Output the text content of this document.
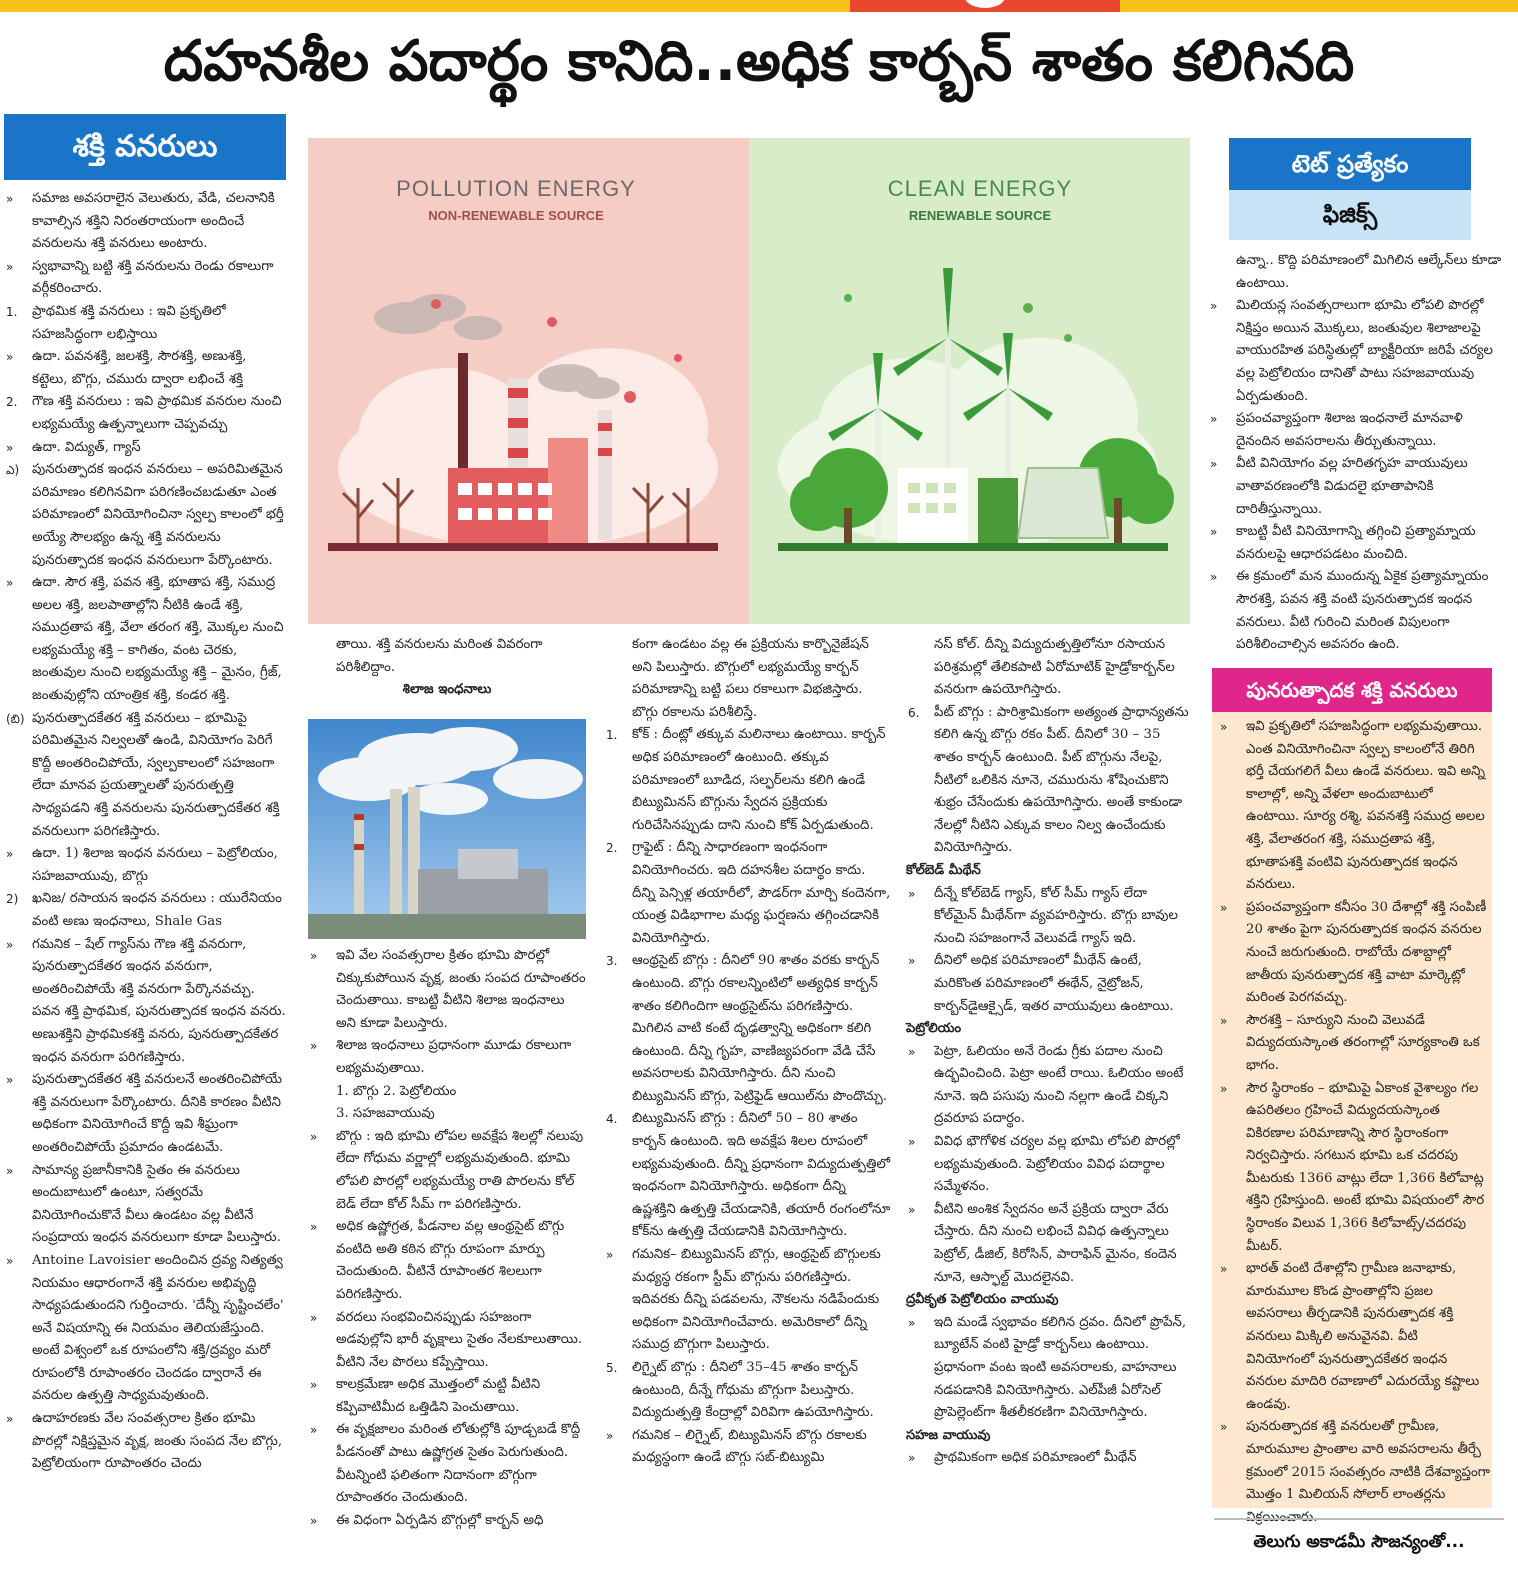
దహనశీల పదార్థం కానిది..అధిక కార్బన్ శాతం కలిగినది
శక్తి వనరులు

» సమాజ అవసరాలైన వెలుతురు, వేడి, చలనానికి కావాల్సిన శక్తిని నిరంతరాయంగా అందించే వనరులను శక్తి వనరులు అంటారు.

» స్వభావాన్ని బట్టి శక్తి వనరులను రెండు రకాలుగా వర్గీకరించారు.

1. ప్రాథమిక శక్తి వనరులు : ఇవి ప్రకృతిలో సహజసిద్ధంగా లభిస్తాయి

» ఉదా. పవనశక్తి, జలశక్తి, సౌరశక్తి, అణుశక్తి, కట్టెలు, బొగ్గు, చమురు ద్వారా లభించే శక్తి

2. గౌణ శక్తి వనరులు : ఇవి ప్రాథమిక వనరుల నుంచి లభ్యమయ్యే ఉత్పన్నాలుగా చెప్పవచ్చు

» ఉదా. విద్యుత్, గ్యాస్

ఎ) పునరుత్పాదక ఇంధన వనరులు – అపరిమితమైన పరిమాణం కలిగినవిగా పరిగణించబడుతూ ఎంత పరిమాణంలో వినియోగించినా స్వల్ప కాలంలో భర్తీ అయ్యే సౌలభ్యం ఉన్న శక్తి వనరులను పునరుత్పాదక ఇంధన వనరులుగా పేర్కొంటారు.

» ఉదా. సౌర శక్తి, పవన శక్తి, భూతాప శక్తి, సముద్ర అలల శక్తి, జలపాతాల్లోని నీటికి ఉండే శక్తి, సముద్రతాప శక్తి, వేలా తరంగ శక్తి, మొక్కల నుంచి లభ్యమయ్యే శక్తి – కాగితం, వంట చెరకు, జంతువుల నుంచి లభ్యమయ్యే శక్తి – మైనం, గ్రీజ్, జంతువుల్లోని యాంత్రిక శక్తి, కండర శక్తి.

(బి) పునరుత్పాదకేతర శక్తి వనరులు – భూమిపై పరిమితమైన నిల్వలతో ఉండి, వినియోగం పెరిగే కొద్దీ అంతరించిపోయే, స్వల్పకాలంలో సహజంగా లేదా మానవ ప్రయత్నాలతో పునరుత్పత్తి సాధ్యపడని శక్తి వనరులను పునరుత్పాదకేతర శక్తి వనరులుగా పరిగణిస్తారు.

» ఉదా. 1) శిలాజ ఇంధన వనరులు – పెట్రోలియం, సహజవాయువు, బొగ్గు

2) ఖనిజ/ రసాయన ఇంధన వనరులు : యురేనియం వంటి అణు ఇంధనాలు, Shale Gas

» గమనిక – షేల్ గ్యాస్‌ను గౌణ శక్తి వనరుగా, పునరుత్పాదకేతర ఇంధన వనరుగా, అంతరించిపోయే శక్తి వనరుగా పేర్కొనవచ్చు. పవన శక్తి ప్రాథమిక, పునరుత్పాదక ఇంధన వనరు. అణుశక్తిని ప్రాథమికశక్తి వనరు, పునరుత్పాదకేతర ఇంధన వనరుగా పరిగణిస్తారు.

» పునరుత్పాదకేతర శక్తి వనరులనే అంతరించిపోయే శక్తి వనరులుగా పేర్కొంటారు. దీనికి కారణం వీటిని అధికంగా వినియోగించే కొద్దీ ఇవి శీఘ్రంగా అంతరించిపోయే ప్రమాదం ఉండటమే.

» సామాన్య ప్రజానీకానికి సైతం ఈ వనరులు అందుబాటులో ఉంటూ, సత్వరమే వినియోగించుకొనే వీలు ఉండటం వల్ల వీటినే సంప్రదాయ ఇంధన వనరులుగా కూడా పిలుస్తారు.

» Antoine Lavoisier అందించిన ద్రవ్య నిత్యత్వ నియమం ఆధారంగానే శక్తి వనరుల అభివృద్ధి సాధ్యపడుతుందని గుర్తించారు. 'దేన్నీ సృష్టించలేం' అనే విషయాన్ని ఈ నియమం తెలియజేస్తుంది. అంటే విశ్వంలో ఒక రూపంలోని శక్తి/ద్రవ్యం మరో రూపంలోకి రూపాంతరం చెందడం ద్వారానే ఈ వనరుల ఉత్పత్తి సాధ్యమవుతుంది.

» ఉదాహరణకు వేల సంవత్సరాల క్రితం భూమి పొరల్లో నిక్షిప్తమైన వృక్ష, జంతు సంపద నేల బొగ్గు, పెట్రోలియంగా రూపాంతరం చెందు

POLLUTION ENERGY
NON-RENEWABLE SOURCE
CLEAN ENERGY
RENEWABLE SOURCE

తాయి. శక్తి వనరులను మరింత వివరంగా పరిశీలిద్దాం.

శిలాజ ఇంధనాలు

» ఇవి వేల సంవత్సరాల క్రితం భూమి పొరల్లో చిక్కుకుపోయిన వృక్ష, జంతు సంపద రూపాంతరం చెందుతాయి. కాబట్టి వీటిని శిలాజ ఇంధనాలు అని కూడా పిలుస్తారు.

» శిలాజ ఇంధనాలు ప్రధానంగా మూడు రకాలుగా లభ్యమవుతాయి.

1. బొగ్గు 2. పెట్రోలియం

3. సహజవాయువు

» బొగ్గు : ఇది భూమి లోపల అవక్షేప శిలల్లో నలుపు లేదా గోధుమ వర్ణాల్లో లభ్యమవుతుంది. భూమి లోపలి పొరల్లో లభ్యమయ్యే రాతి పొరలను కోల్ బెడ్ లేదా కోల్ సీమ్ గా పరిగణిస్తారు.

» అధిక ఉష్ణోగ్రత, పీడనాల వల్ల ఆంథ్రసైట్ బొగ్గు వంటిది అతి కఠిన బొగ్గు రూపంగా మార్పు చెందుతుంది. వీటినే రూపాంతర శిలలుగా పరిగణిస్తారు.

» వరదలు సంభవించినప్పుడు సహజంగా అడవుల్లోని భారీ వృక్షాలు సైతం నేలకూలుతాయి. వీటిని నేల పొరలు కప్పేస్తాయి.

» కాలక్రమేణా అధిక మొత్తంలో మట్టి వీటిని కప్పివాటిమీద ఒత్తిడిని పెంచుతాయి.

» ఈ వృక్షజాలం మరింత లోతుల్లోకి పూడ్చబడే కొద్దీ పీడనంతో పాటు ఉష్ణోగ్రత సైతం పెరుగుతుంది. వీటన్నింటి ఫలితంగా నిదానంగా బొగ్గుగా రూపాంతరం చెందుతుంది.

» ఈ విధంగా ఏర్పడిన బొగ్గుల్లో కార్బన్ అధి

కంగా ఉండటం వల్ల ఈ ప్రక్రియను కార్బొనైజేషన్ అని పిలుస్తారు. బొగ్గులో లభ్యమయ్యే కార్బన్ పరిమాణాన్ని బట్టి పలు రకాలుగా విభజిస్తారు. బొగ్గు రకాలను పరిశీలిస్తే.

1. కోక్ : దీంట్లో తక్కువ మలినాలు ఉంటాయి. కార్బన్ అధిక పరిమాణంలో ఉంటుంది. తక్కువ పరిమాణంలో బూడిద, సల్ఫర్‌లను కలిగి ఉండే బిట్యుమినస్ బొగ్గును స్వేదన ప్రక్రియకు గురిచేసినప్పుడు దాని నుంచి కోక్ ఏర్పడుతుంది.

2. గ్రాఫైట్ : దీన్ని సాధారణంగా ఇంధనంగా వినియోగించరు. ఇది దహనశీల పదార్థం కాదు. దీన్ని పెన్సిళ్ల తయారీలో, పౌడర్‌గా మార్చి కందెనగా, యంత్ర విడిభాగాల మధ్య ఘర్షణను తగ్గించడానికి వినియోగిస్తారు.

3. ఆంథ్రసైట్ బొగ్గు : దీనిలో 90 శాతం వరకు కార్బన్ ఉంటుంది. బొగ్గు రకాలన్నింటిలో అత్యధిక కార్బన్ శాతం కలిగిందిగా ఆంథ్రసైట్‌ను పరిగణిస్తారు. మిగిలిన వాటి కంటే దృఢత్వాన్ని అధికంగా కలిగి ఉంటుంది. దీన్ని గృహ, వాణిజ్యపరంగా వేడి చేసే అవసరాలకు వినియోగిస్తారు. దీని నుంచి బిట్యుమినస్ బొగ్గు, పెట్రిఫైడ్ ఆయిల్‌ను పొందొచ్చు.

4. బిట్యుమినస్ బొగ్గు : దీనిలో 50 – 80 శాతం కార్బన్ ఉంటుంది. ఇది అవక్షేప శిలల రూపంలో లభ్యమవుతుంది. దీన్ని ప్రధానంగా విద్యుదుత్పత్తిలో ఇంధనంగా వినియోగిస్తారు. అధికంగా దీన్ని ఉష్ణశక్తిని ఉత్పత్తి చేయడానికి, తయారీ రంగంలోనూ కోక్‌ను ఉత్పత్తి చేయడానికి వినియోగిస్తారు.

» గమనిక– బిట్యుమినస్ బొగ్గు, ఆంథ్రసైట్ బొగ్గులకు మధ్యస్థ రకంగా స్టీమ్ బొగ్గును పరిగణిస్తారు. ఇదివరకు దీన్ని పడవలను, నౌకలను నడిపేందుకు అధికంగా వినియోగించేవారు. అమెరికాలో దీన్ని సముద్ర బొగ్గుగా పిలుస్తారు.

5. లిగ్నైట్ బొగ్గు : దీనిలో 35–45 శాతం కార్బన్ ఉంటుంది, దీన్నే గోధుమ బొగ్గుగా పిలుస్తారు. విద్యుదుత్పత్తి కేంద్రాల్లో విరివిగా ఉపయోగిస్తారు.

» గమనిక – లిగ్నైట్, బిట్యుమినస్ బొగ్గు రకాలకు మధ్యస్థంగా ఉండే బొగ్గు సబ్-బిట్యుమి

నస్ కోల్. దీన్ని విద్యుదుత్పత్తిలోనూ రసాయన పరిశ్రమల్లో తేలికపాటి ఏరోమాటిక్ హైడ్రోకార్బన్‌ల వనరుగా ఉపయోగిస్తారు.

6. పీట్ బొగ్గు : పారిశ్రామికంగా అత్యంత ప్రాధాన్యతను కలిగి ఉన్న బొగ్గు రకం పీట్. దీనిలో 30 – 35 శాతం కార్బన్ ఉంటుంది. పీట్ బొగ్గును నేలపై, నీటిలో ఒలికిన నూనె, చమురును శోషించుకొని శుభ్రం చేసేందుకు ఉపయోగిస్తారు. అంతే కాకుండా నేలల్లో నీటిని ఎక్కువ కాలం నిల్వ ఉంచేందుకు వినియోగిస్తారు.

కోల్‌బెడ్ మీథేన్

» దీన్నే కోల్‌బెడ్ గ్యాస్, కోల్ సీమ్ గ్యాస్ లేదా కోల్‌మైన్ మీథేన్‌గా వ్యవహరిస్తారు. బొగ్గు బావుల నుంచి సహజంగానే వెలువడే గ్యాస్ ఇది.

» దీనిలో అధిక పరిమాణంలో మీథేన్ ఉంటే, మరికొంత పరిమాణంలో ఈథేన్, నైట్రోజన్, కార్బన్‌డైఆక్సైడ్, ఇతర వాయువులు ఉంటాయి.

పెట్రోలియం

» పెట్రా, ఓలియం అనే రెండు గ్రీకు పదాల నుంచి ఉద్భవించింది. పెట్రా అంటే రాయి. ఓలియం అంటే నూనె. ఇది పసుపు నుంచి నల్లగా ఉండే చిక్కని ద్రవరూప పదార్థం.

» వివిధ భౌగోళిక చర్యల వల్ల భూమి లోపలి పొరల్లో లభ్యమవుతుంది. పెట్రోలియం వివిధ పదార్థాల సమ్మేళనం.

» వీటిని అంశిక స్వేదనం అనే ప్రక్రియ ద్వారా వేరు చేస్తారు. దీని నుంచి లభించే వివిధ ఉత్పన్నాలు పెట్రోల్, డీజిల్, కిరోసిన్, పారాఫిన్ మైనం, కందెన నూనె, ఆస్ఫాల్ట్ మొదలైనవి.

ద్రవీకృత పెట్రోలియం వాయువు

» ఇది మండే స్వభావం కలిగిన ద్రవం. దీనిలో ప్రొపేన్, బ్యూటేన్ వంటి హైడ్రో కార్బన్‌లు ఉంటాయి. ప్రధానంగా వంట ఇంటి అవసరాలకు, వాహనాలు నడపడానికి వినియోగిస్తారు. ఎల్‌పీజీ ఏరోసెల్ ప్రొపెల్లెంట్‌గా శీతలీకరణిగా వినియోగిస్తారు.

సహజ వాయువు

» ప్రాథమికంగా అధిక పరిమాణంలో మీథేన్

టెట్ ప్రత్యేకం
ఫిజిక్స్

ఉన్నా.. కొద్ది పరిమాణంలో మిగిలిన ఆల్కేన్‌లు కూడా ఉంటాయి.

» మిలియన్ల సంవత్సరాలుగా భూమి లోపలి పొరల్లో నిక్షిప్తం అయిన మొక్కలు, జంతువుల శిలాజాలపై వాయురహిత పరిస్థితుల్లో బ్యాక్టీరియా జరిపే చర్యల వల్ల పెట్రోలియం దానితో పాటు సహజవాయువు ఏర్పడుతుంది.

» ప్రపంచవ్యాప్తంగా శిలాజ ఇంధనాలే మానవాళి దైనందిన అవసరాలను తీర్చుతున్నాయి.

» వీటి వినియోగం వల్ల హరితగృహ వాయువులు వాతావరణంలోకి విడుదలై భూతాపానికి దారితీస్తున్నాయి.

» కాబట్టి వీటి వినియోగాన్ని తగ్గించి ప్రత్యామ్నాయ వనరులపై ఆధారపడటం మంచిది.

» ఈ క్రమంలో మన ముందున్న ఏకైక ప్రత్యామ్నాయం సౌరశక్తి, పవన శక్తి వంటి పునరుత్పాదక ఇంధన వనరులు. వీటి గురించి మరింత విపులంగా పరిశీలించాల్సిన అవసరం ఉంది.

పునరుత్పాదక శక్తి వనరులు

» ఇవి ప్రకృతిలో సహజసిద్ధంగా లభ్యమవుతాయి. ఎంత వినియోగించినా స్వల్ప కాలంలోనే తిరిగి భర్తీ చేయగలిగే వీలు ఉండే వనరులు. ఇవి అన్ని కాలాల్లో, అన్ని వేళలా అందుబాటులో ఉంటాయి. సూర్య రశ్మి, పవనశక్తి సముద్ర అలల శక్తి, వేలాతరంగ శక్తి, సముద్రతాప శక్తి, భూతాపశక్తి వంటివి పునరుత్పాదక ఇంధన వనరులు.

» ప్రపంచవ్యాప్తంగా కనీసం 30 దేశాల్లో శక్తి సంపిణీ 20 శాతం పైగా పునరుత్పాదక ఇంధన వనరుల నుంచే జరుగుతుంది. రాబోయే దశాబ్దాల్లో జాతీయ పునరుత్పాదక శక్తి వాటా మార్కెట్లో మరింత పెరగవచ్చు.

» సౌరశక్తి – సూర్యుని నుంచి వెలువడే విద్యుదయస్కాంత తరంగాల్లో సూర్యకాంతి ఒక భాగం.

» సౌర స్థిరాంకం – భూమిపై ఏకాంక వైశాల్యం గల ఉపరితలం గ్రహించే విద్యుదయస్కాంత వికిరణాల పరిమాణాన్ని సౌర స్థిరాంకంగా నిర్వచిస్తారు. సగటున భూమి ఒక చదరపు మీటరుకు 1366 వాట్లు లేదా 1,366 కిలోవాట్ల శక్తిని గ్రహిస్తుంది. అంటే భూమి విషయంలో సౌర స్థిరాంకం విలువ 1,366 కిలోవాట్స్/చదరపు మీటర్.

» భారత్ వంటి దేశాల్లోని గ్రామీణ జనాభాకు, మారుమూల కొండ ప్రాంతాల్లోని ప్రజల అవసరాలు తీర్చడానికి పునరుత్పాదక శక్తి వనరులు మిక్కిలి అనువైనవి. వీటి వినియోగంలో పునరుత్పాదకేతర ఇంధన వనరుల మాదిరి రవాణాలో ఎదురయ్యే కష్టాలు ఉండవు.

» పునరుత్పాదక శక్తి వనరులతో గ్రామీణ, మారుమూల ప్రాంతాల వారి అవసరాలను తీర్చే క్రమంలో 2015 సంవత్సరం నాటికి దేశవ్యాప్తంగా మొత్తం 1 మిలియన్ సోలార్ లాంతర్లను విక్రయించారు.

తెలుగు అకాడమీ సౌజన్యంతో...
